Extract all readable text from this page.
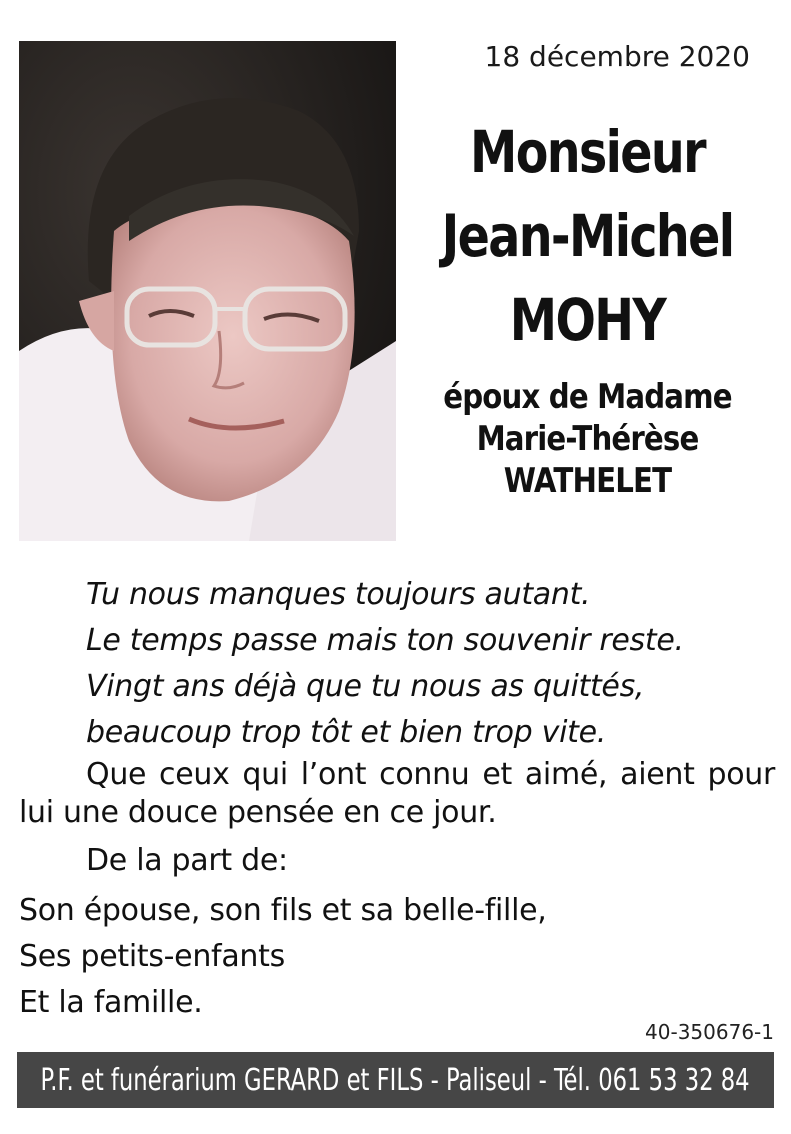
18 décembre 2020
Monsieur
Jean-Michel
MOHY
époux de Madame
Marie-Thérèse
WATHELET
Tu nous manques toujours autant.
Le temps passe mais ton souvenir reste.
Vingt ans déjà que tu nous as quittés,
beaucoup trop tôt et bien trop vite.

Que ceux qui l’ont connu et aimé, aient pour lui une douce pensée en ce jour.

De la part de:

Son épouse, son fils et sa belle-fille,

Ses petits-enfants

Et la famille.

40-350676-1
P.F. et funérarium GERARD et FILS - Paliseul - Tél. 061 53 32 84
